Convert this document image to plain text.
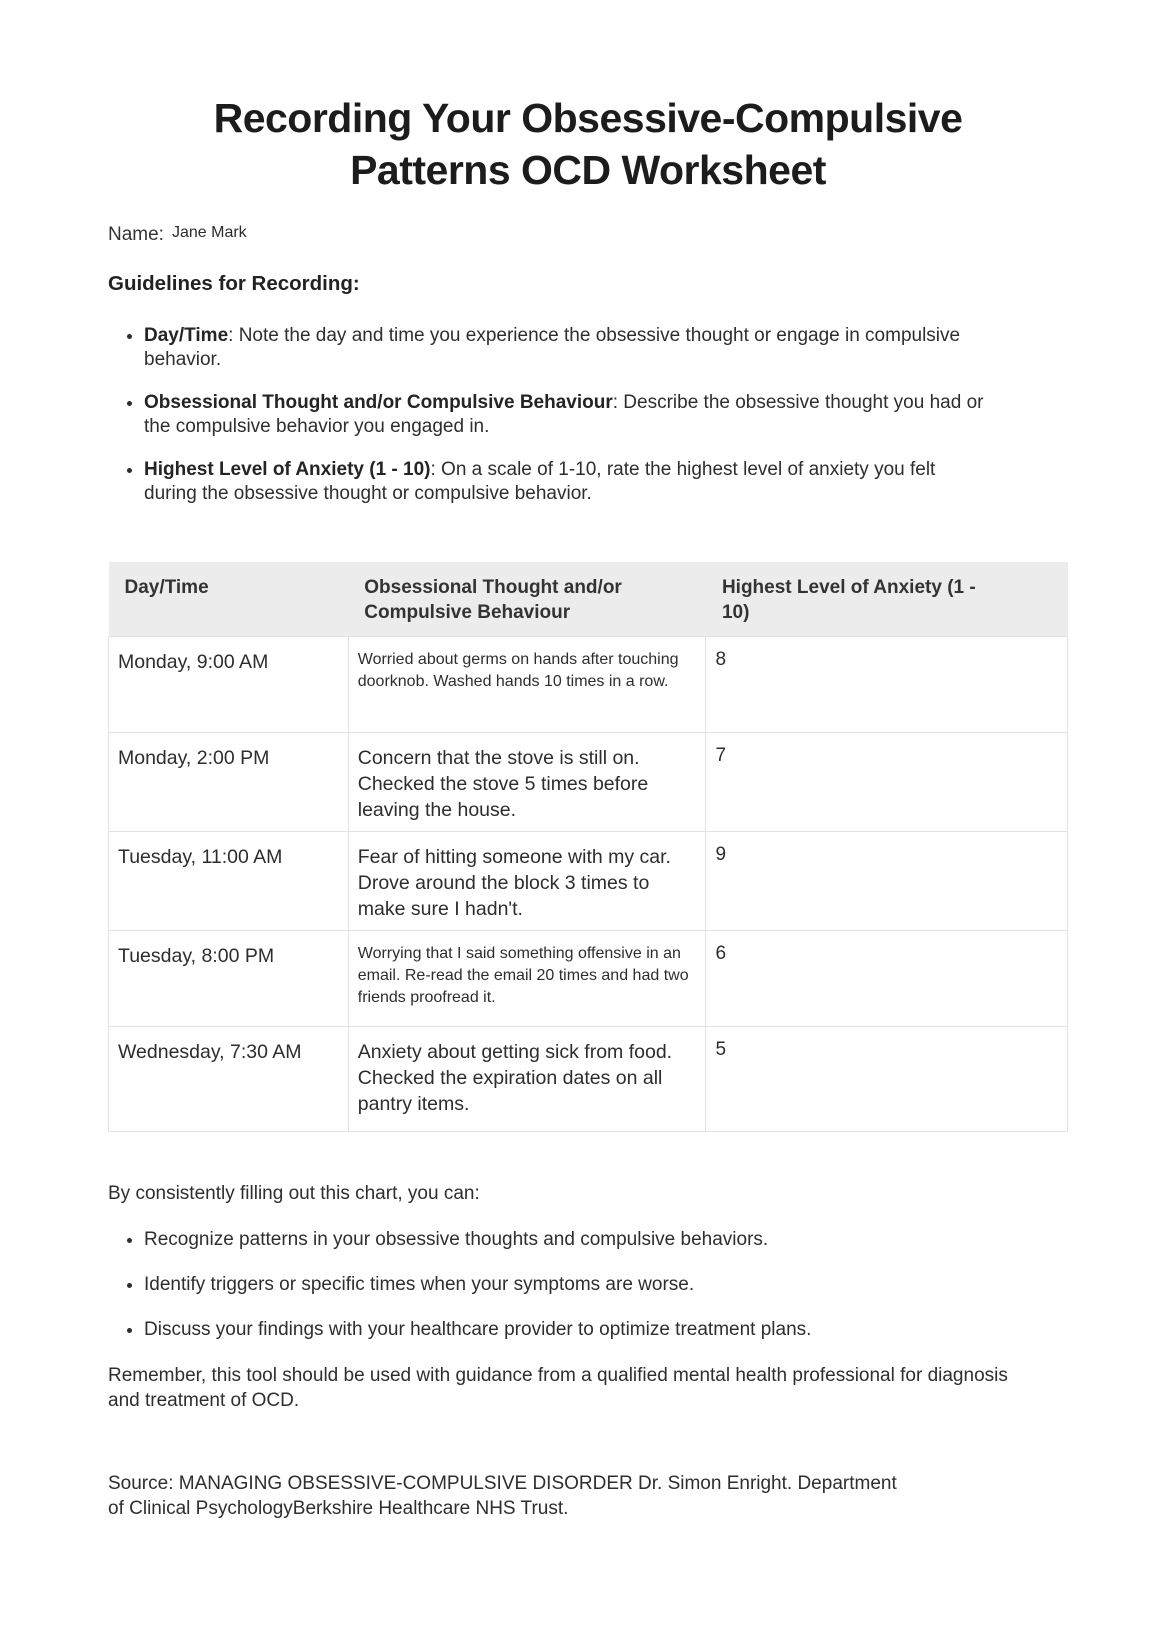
Recording Your Obsessive-Compulsive Patterns OCD Worksheet
Name: Jane Mark
Guidelines for Recording:
• Day/Time: Note the day and time you experience the obsessive thought or engage in compulsive behavior.
• Obsessional Thought and/or Compulsive Behaviour: Describe the obsessive thought you had or the compulsive behavior you engaged in.
• Highest Level of Anxiety (1 - 10): On a scale of 1-10, rate the highest level of anxiety you felt during the obsessive thought or compulsive behavior.
Day/Time	Obsessional Thought and/or Compulsive Behaviour	Highest Level of Anxiety (1 - 10)
Monday, 9:00 AM	Worried about germs on hands after touching doorknob. Washed hands 10 times in a row.	8
Monday, 2:00 PM	Concern that the stove is still on. Checked the stove 5 times before leaving the house.	7
Tuesday, 11:00 AM	Fear of hitting someone with my car. Drove around the block 3 times to make sure I hadn't.	9
Tuesday, 8:00 PM	Worrying that I said something offensive in an email. Re-read the email 20 times and had two friends proofread it.	6
Wednesday, 7:30 AM	Anxiety about getting sick from food. Checked the expiration dates on all pantry items.	5

By consistently filling out this chart, you can:

• Recognize patterns in your obsessive thoughts and compulsive behaviors.
• Identify triggers or specific times when your symptoms are worse.
• Discuss your findings with your healthcare provider to optimize treatment plans.

Remember, this tool should be used with guidance from a qualified mental health professional for diagnosis and treatment of OCD.

Source: MANAGING OBSESSIVE-COMPULSIVE DISORDER Dr. Simon Enright. Department of Clinical PsychologyBerkshire Healthcare NHS Trust.
